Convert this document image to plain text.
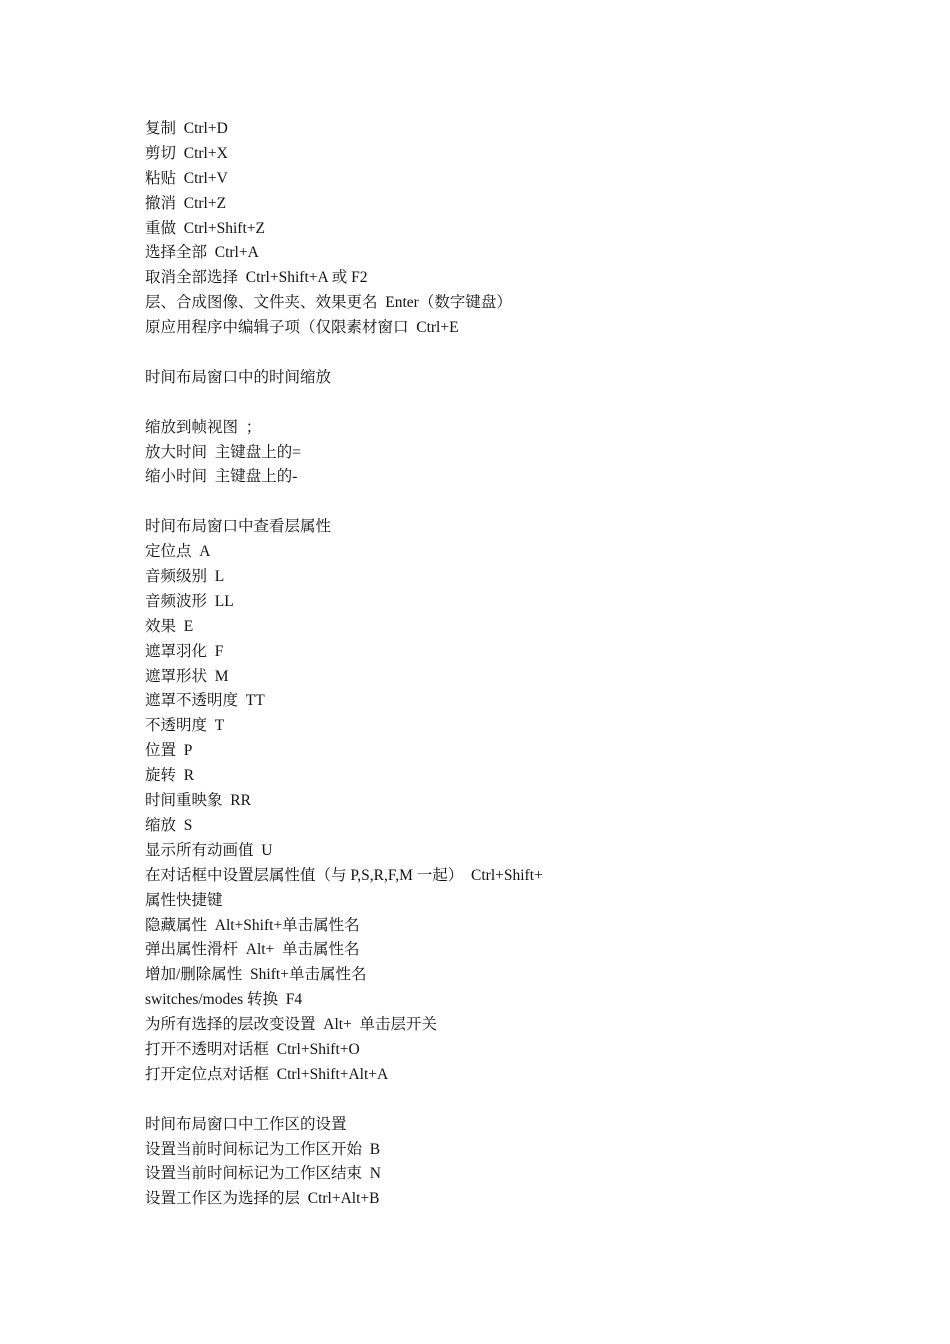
复制  Ctrl+D
剪切  Ctrl+X
粘贴  Ctrl+V
撤消  Ctrl+Z
重做  Ctrl+Shift+Z
选择全部  Ctrl+A
取消全部选择  Ctrl+Shift+A 或 F2
层、合成图像、文件夹、效果更名  Enter（数字键盘）
原应用程序中编辑子项（仅限素材窗口  Ctrl+E
时间布局窗口中的时间缩放
缩放到帧视图  ；
放大时间  主键盘上的=
缩小时间  主键盘上的-
时间布局窗口中查看层属性
定位点  A
音频级别  L
音频波形  LL
效果  E
遮罩羽化  F
遮罩形状  M
遮罩不透明度  TT
不透明度  T
位置  P
旋转  R
时间重映象  RR
缩放  S
显示所有动画值  U
在对话框中设置层属性值（与 P,S,R,F,M 一起）  Ctrl+Shift+
属性快捷键
隐藏属性  Alt+Shift+单击属性名
弹出属性滑杆  Alt+  单击属性名
增加/删除属性  Shift+单击属性名
switches/modes 转换  F4
为所有选择的层改变设置  Alt+  单击层开关
打开不透明对话框  Ctrl+Shift+O
打开定位点对话框  Ctrl+Shift+Alt+A
时间布局窗口中工作区的设置
设置当前时间标记为工作区开始  B
设置当前时间标记为工作区结束  N
设置工作区为选择的层  Ctrl+Alt+B
